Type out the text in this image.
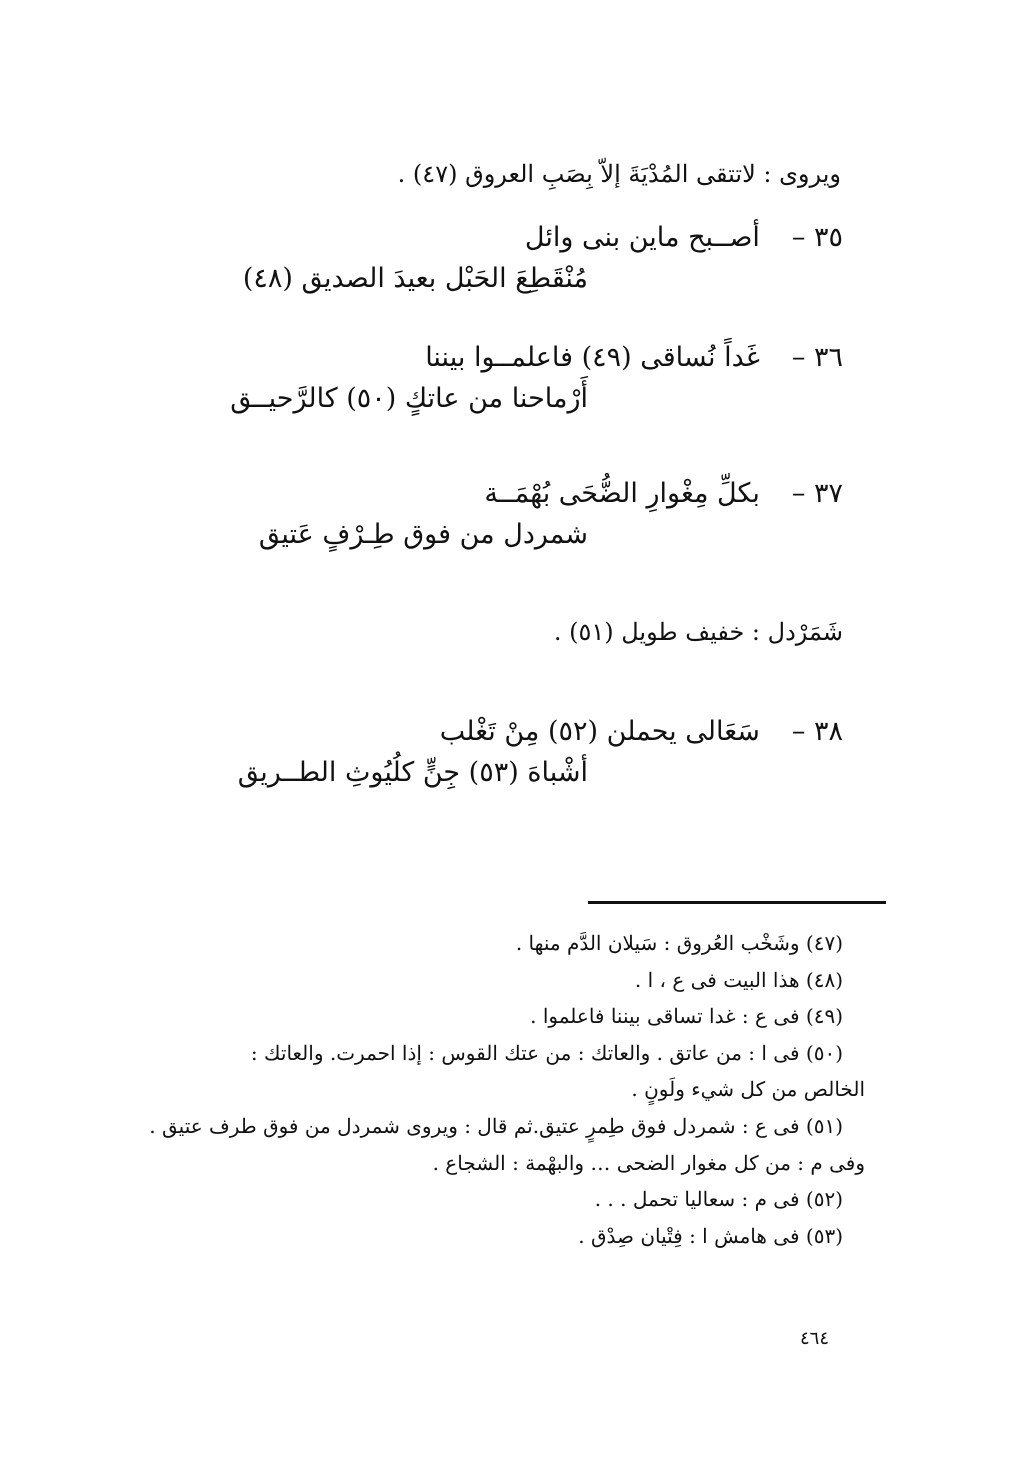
ويروى : لاتتقى المُدْيَةَ إلاّ بِصَبِ العروق (٤٧) .
٣٥ –
أصــبح ماين بنى وائل
مُنْقَطِعَ الحَبْل بعيدَ الصديق (٤٨)
٣٦ –
غَداً نُساقى (٤٩) فاعلمــوا بيننا
أَرْماحنا من عاتكٍ (٥٠) كالرَّحيــق
٣٧ –
بكلِّ مِغْوارِ الضُّحَى بُهْمَــة
شمردل من فوق طِـرْفٍ عَتيق
شَمَرْدل : خفيف طويل (٥١) .
٣٨ –
سَعَالى يحملن (٥٢) مِنْ تَغْلب
أشْباهَ (٥٣) جِنٍّ كلُيُوثِ الطــريق
(٤٧) وشَخْب العُروق : سَيلان الدَّم منها .
(٤٨) هذا البيت فى ع ، ا .
(٤٩) فى ع : غدا تساقى بيننا فاعلموا .
(٥٠) فى ا : من عاتق . والعاتك : من عتك القوس : إذا احمرت. والعاتك :
الخالص من كل شيء ولَونٍ .
(٥١) فى ع : شمردل فوق طِمرٍ عتيق.ثم قال : ويروى شمردل من فوق طرف عتيق .
وفى م : من كل مغوار الضحى … والبهْمة : الشجاع .
(٥٢) فى م : سعاليا تحمل . . .
(٥٣) فى هامش ا : فِتْيان صِدْق .
٤٦٤
